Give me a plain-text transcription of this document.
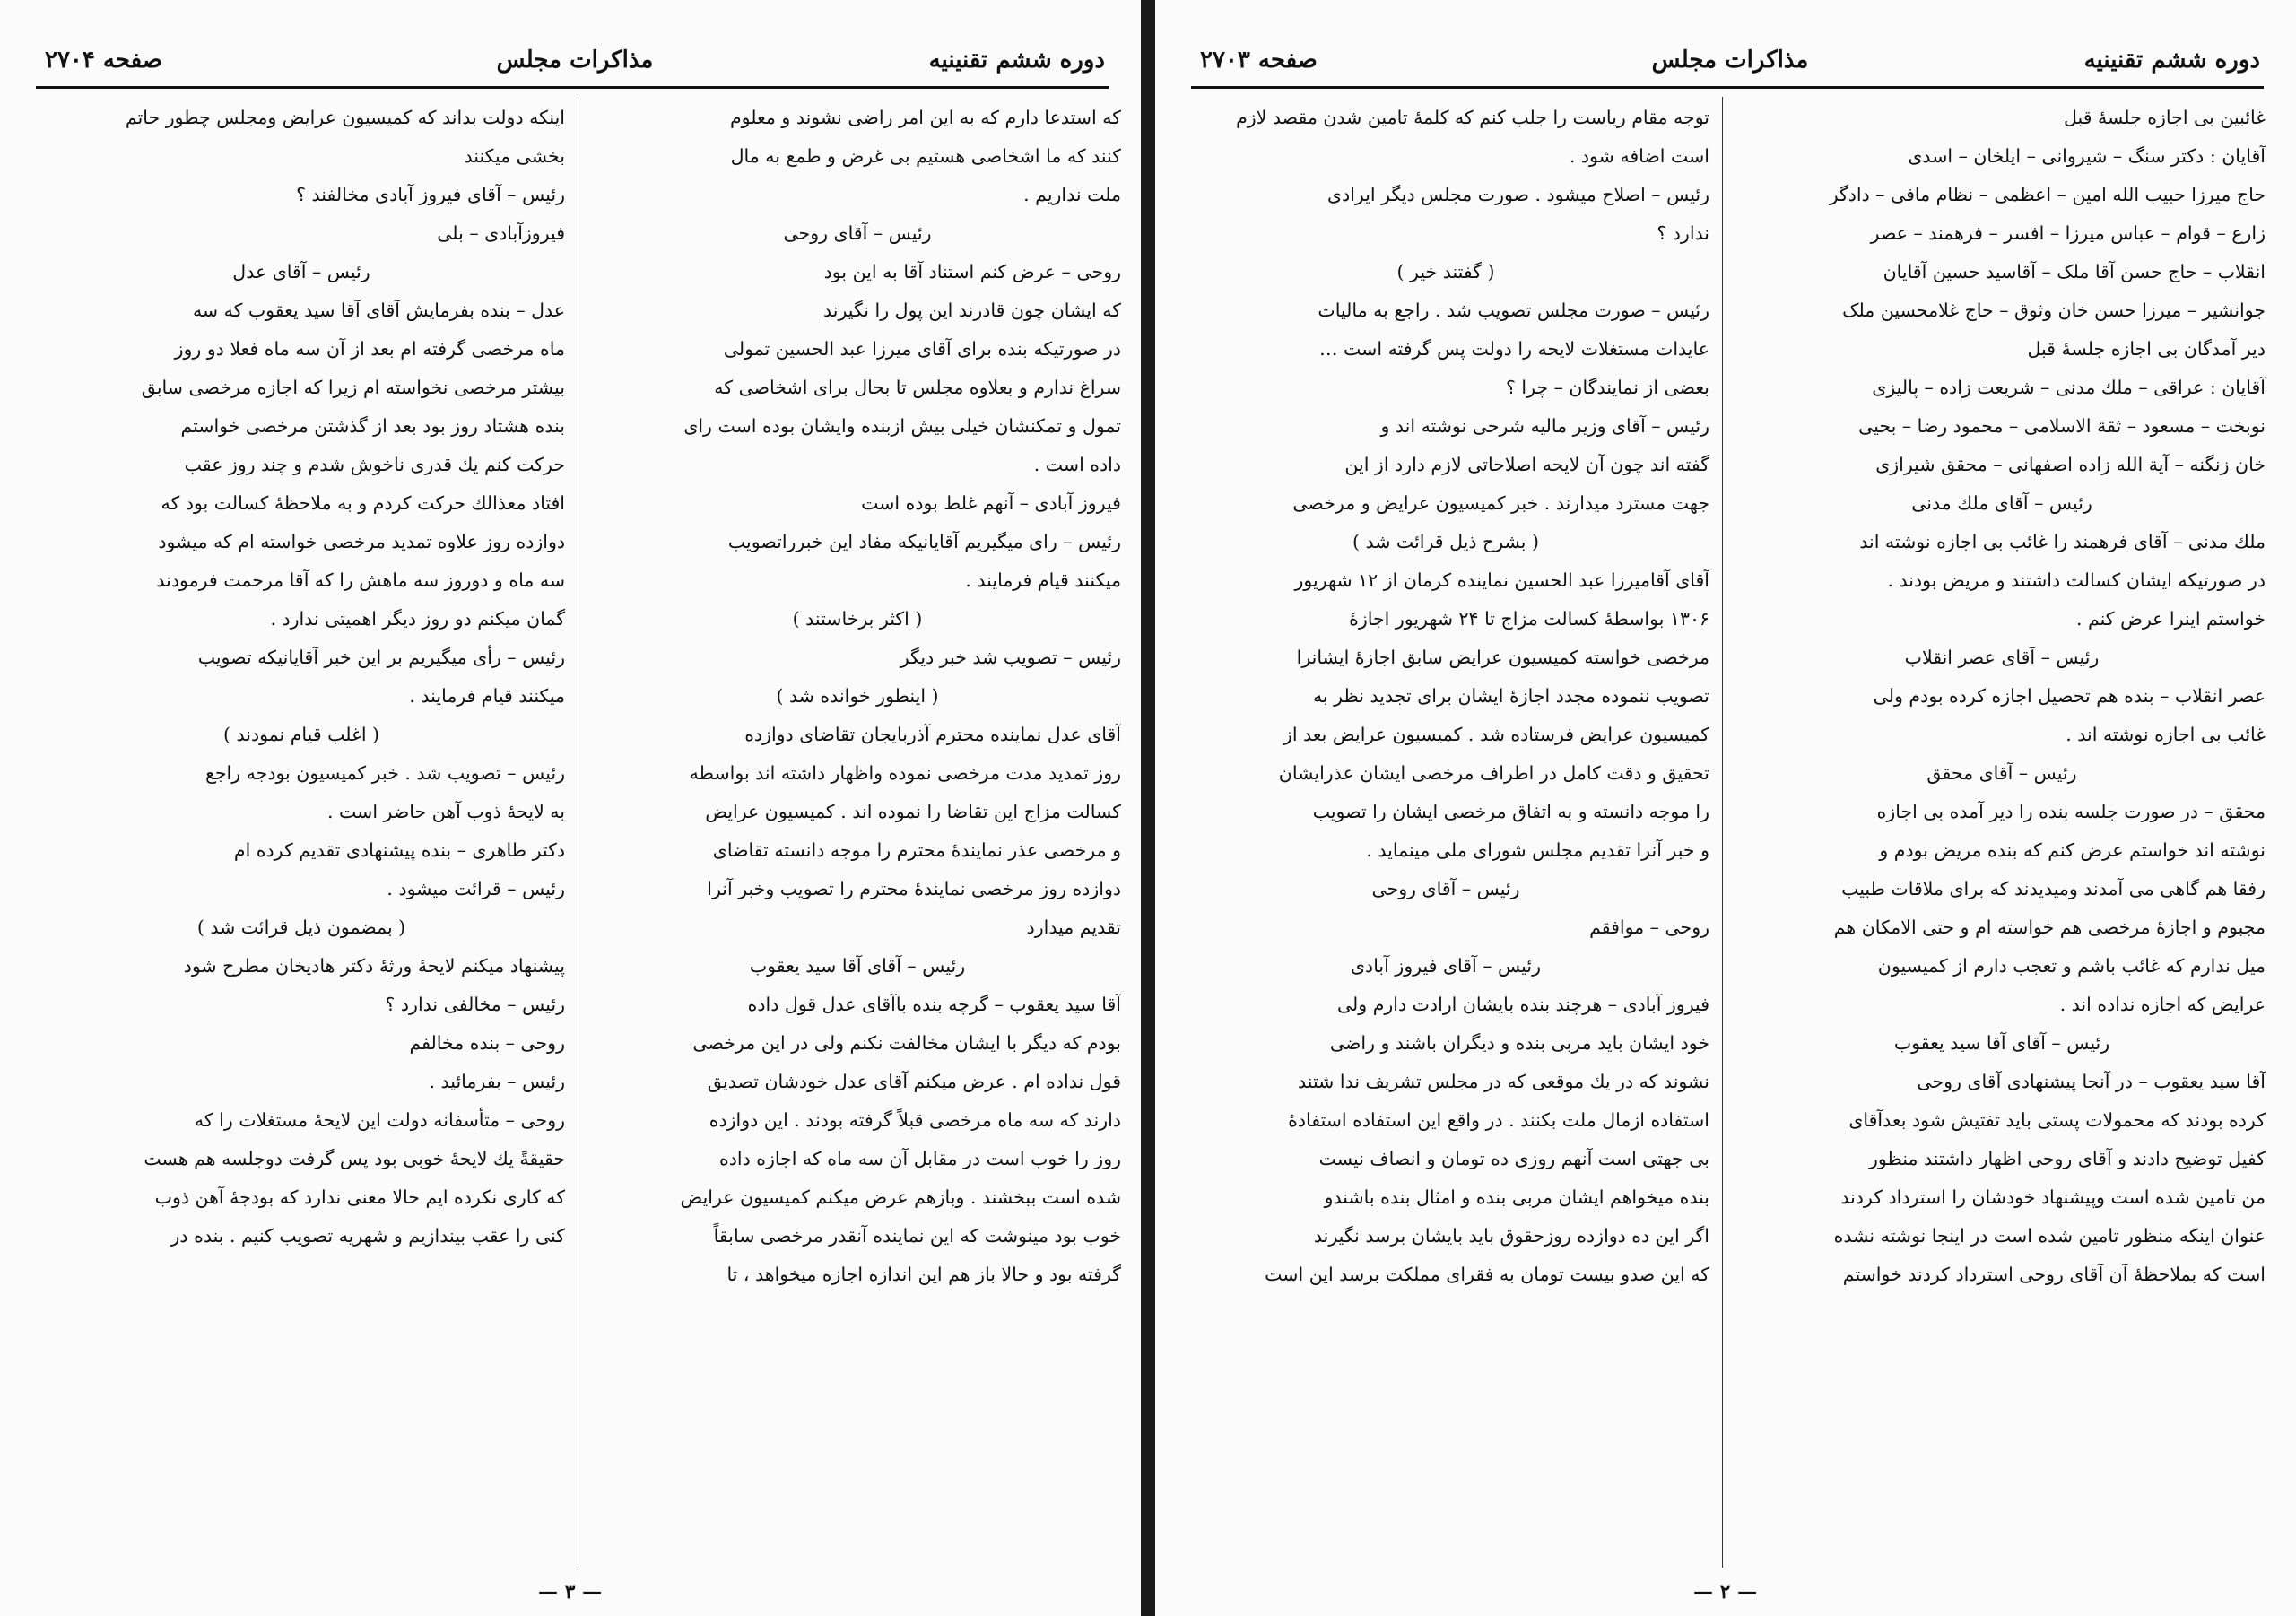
دوره ششم تقنینیه
مذاکرات مجلس
صفحه ۲۷۰۴

اینکه دولت بداند که کمیسیون عرایض ومجلس چطور حاتم

بخشی میکنند

رئیس – آقای فیروز آبادی مخالفند ؟

فیروزآبادی – بلی

رئیس – آقای عدل

عدل – بنده بفرمایش آقای آقا سید یعقوب که سه

ماه مرخصی گرفته ام بعد از آن سه ماه فعلا دو روز

بیشتر مرخصی نخواسته ام زیرا که اجازه مرخصی سابق

بنده هشتاد روز بود بعد از گذشتن مرخصی خواستم

حرکت کنم یك قدری ناخوش شدم و چند روز عقب

افتاد معذالك حرکت کردم و به ملاحظهٔ کسالت بود که

دوازده روز علاوه تمدید مرخصی خواسته ام که میشود

سه ماه و دوروز سه ماهش را که آقا مرحمت فرمودند

گمان میکنم دو روز دیگر اهمیتی ندارد .

رئیس – رأی میگیریم بر این خبر آقایانیکه تصویب

میکنند قیام فرمایند .

( اغلب قیام نمودند )

رئیس – تصویب شد . خبر کمیسیون بودجه راجع

به لایحهٔ ذوب آهن حاضر است .

دکتر طاهری – بنده پیشنهادی تقدیم کرده ام

رئیس – قرائت میشود .

( بمضمون ذیل قرائت شد )

پیشنهاد میکنم لایحهٔ ورثهٔ دکتر هادیخان مطرح شود

رئیس – مخالفی ندارد ؟

روحی – بنده مخالفم

رئیس – بفرمائید .

روحی – متأسفانه دولت این لایحهٔ مستغلات را که

حقیقةً یك لایحهٔ خوبی بود پس گرفت دوجلسه هم هست

که کاری نکرده ایم حالا معنی ندارد که بودجهٔ آهن ذوب

کنی را عقب بیندازیم و شهریه تصویب کنیم . بنده در

که استدعا دارم که به این امر راضی نشوند و معلوم

کنند که ما اشخاصی هستیم بی غرض و طمع به مال

ملت نداریم .

رئیس – آقای روحی

روحی – عرض کنم استناد آقا به این بود

که ایشان چون قادرند این پول را نگیرند

در صورتیکه بنده برای آقای میرزا عبد الحسین تمولی

سراغ ندارم و بعلاوه مجلس تا بحال برای اشخاصی که

تمول و تمکنشان خیلی بیش ازبنده وایشان بوده است رای

داده است .

فیروز آبادی – آنهم غلط بوده است

رئیس – رای میگیریم آقایانیکه مفاد این خبرراتصویب

میکنند قیام فرمایند .

( اکثر برخاستند )

رئیس – تصویب شد خبر دیگر

( اینطور خوانده شد )

آقای عدل نماینده محترم آذربایجان تقاضای دوازده

روز تمدید مدت مرخصی نموده واظهار داشته اند بواسطه

کسالت مزاج این تقاضا را نموده اند . کمیسیون عرایض

و مرخصی عذر نمایندهٔ محترم را موجه دانسته تقاضای

دوازده روز مرخصی نمایندهٔ محترم را تصویب وخبر آنرا

تقدیم میدارد

رئیس – آقای آقا سید یعقوب

آقا سید یعقوب – گرچه بنده باآقای عدل قول داده

بودم که دیگر با ایشان مخالفت نکنم ولی در این مرخصی

قول نداده ام . عرض میکنم آقای عدل خودشان تصدیق

دارند که سه ماه مرخصی قبلاً گرفته بودند . این دوازده

روز را خوب است در مقابل آن سه ماه که اجازه داده

شده است ببخشند . وبازهم عرض میکنم کمیسیون عرایض

خوب بود مینوشت که این نماینده آنقدر مرخصی سابقاً

گرفته بود و حالا باز هم این اندازه اجازه میخواهد ، تا

— ۳ —
دوره ششم تقنینیه
مذاکرات مجلس
صفحه ۲۷۰۳

توجه مقام ریاست را جلب کنم که کلمهٔ تامین شدن مقصد لازم

است اضافه شود .

رئیس – اصلاح میشود . صورت مجلس دیگر ایرادی

ندارد ؟

( گفتند خیر )

رئیس – صورت مجلس تصویب شد . راجع به مالیات

عایدات مستغلات لایحه را دولت پس گرفته است …

بعضی از نمایندگان – چرا ؟

رئیس – آقای وزیر مالیه شرحی نوشته اند و

گفته اند چون آن لایحه اصلاحاتی لازم دارد از این

جهت مسترد میدارند . خبر کمیسیون عرایض و مرخصی

( بشرح ذیل قرائت شد )

آقای آقامیرزا عبد الحسین نماینده کرمان از ۱۲ شهریور

۱۳۰۶ بواسطهٔ کسالت مزاج تا ۲۴ شهریور اجازهٔ

مرخصی خواسته کمیسیون عرایض سابق اجازهٔ ایشانرا

تصویب ننموده مجدد اجازهٔ ایشان برای تجدید نظر به

کمیسیون عرایض فرستاده شد . کمیسیون عرایض بعد از

تحقیق و دقت کامل در اطراف مرخصی ایشان عذرایشان

را موجه دانسته و به اتفاق مرخصی ایشان را تصویب

و خبر آنرا تقدیم مجلس شورای ملی مینماید .

رئیس – آقای روحی

روحی – موافقم

رئیس – آقای فیروز آبادی

فیروز آبادی – هرچند بنده بایشان ارادت دارم ولی

خود ایشان باید مربی بنده و دیگران باشند و راضی

نشوند که در یك موقعی که در مجلس تشریف ندا شتند

استفاده ازمال ملت بکنند . در واقع این استفاده استفادهٔ

بی جهتی است آنهم روزی ده تومان و انصاف نیست

بنده میخواهم ایشان مربی بنده و امثال بنده باشندو

اگر این ده دوازده روزحقوق باید بایشان برسد نگیرند

که این صدو بیست تومان به فقرای مملکت برسد این است

غائبین بی اجازه جلسهٔ قبل

آقایان : دکتر سنگ – شیروانی – ایلخان – اسدی

حاج میرزا حبیب الله امین – اعظمی – نظام مافی – دادگر

زارع – قوام – عباس میرزا – افسر – فرهمند – عصر

انقلاب – حاج حسن آقا ملک – آقاسید حسین آقایان

جوانشیر – میرزا حسن خان وثوق – حاج غلامحسین ملک

دیر آمدگان بی اجازه جلسهٔ قبل

آقایان : عراقی – ملك مدنی – شریعت زاده – پالیزی

نوبخت – مسعود – ثقة الاسلامی – محمود رضا – بحیی

خان زنگنه – آیة الله زاده اصفهانی – محقق شیرازی

رئیس – آقای ملك مدنی

ملك مدنی – آقای فرهمند را غائب بی اجازه نوشته اند

در صورتیکه ایشان کسالت داشتند و مریض بودند .

خواستم اینرا عرض کنم .

رئیس – آقای عصر انقلاب

عصر انقلاب – بنده هم تحصیل اجازه کرده بودم ولی

غائب بی اجازه نوشته اند .

رئیس – آقای محقق

محقق – در صورت جلسه بنده را دیر آمده بی اجازه

نوشته اند خواستم عرض کنم که بنده مریض بودم و

رفقا هم گاهی می آمدند ومیدیدند که برای ملاقات طبیب

مجبوم و اجازهٔ مرخصی هم خواسته ام و حتی الامکان هم

میل ندارم که غائب باشم و تعجب دارم از کمیسیون

عرایض که اجازه نداده اند .

رئیس – آقای آقا سید یعقوب

آقا سید یعقوب – در آنجا پیشنهادی آقای روحی

کرده بودند که محمولات پستی باید تفتیش شود بعدآقای

کفیل توضیح دادند و آقای روحی اظهار داشتند منظور

من تامین شده است وپیشنهاد خودشان را استرداد کردند

عنوان اینکه منظور تامین شده است در اینجا نوشته نشده

است که بملاحظهٔ آن آقای روحی استرداد کردند خواستم

— ۲ —
